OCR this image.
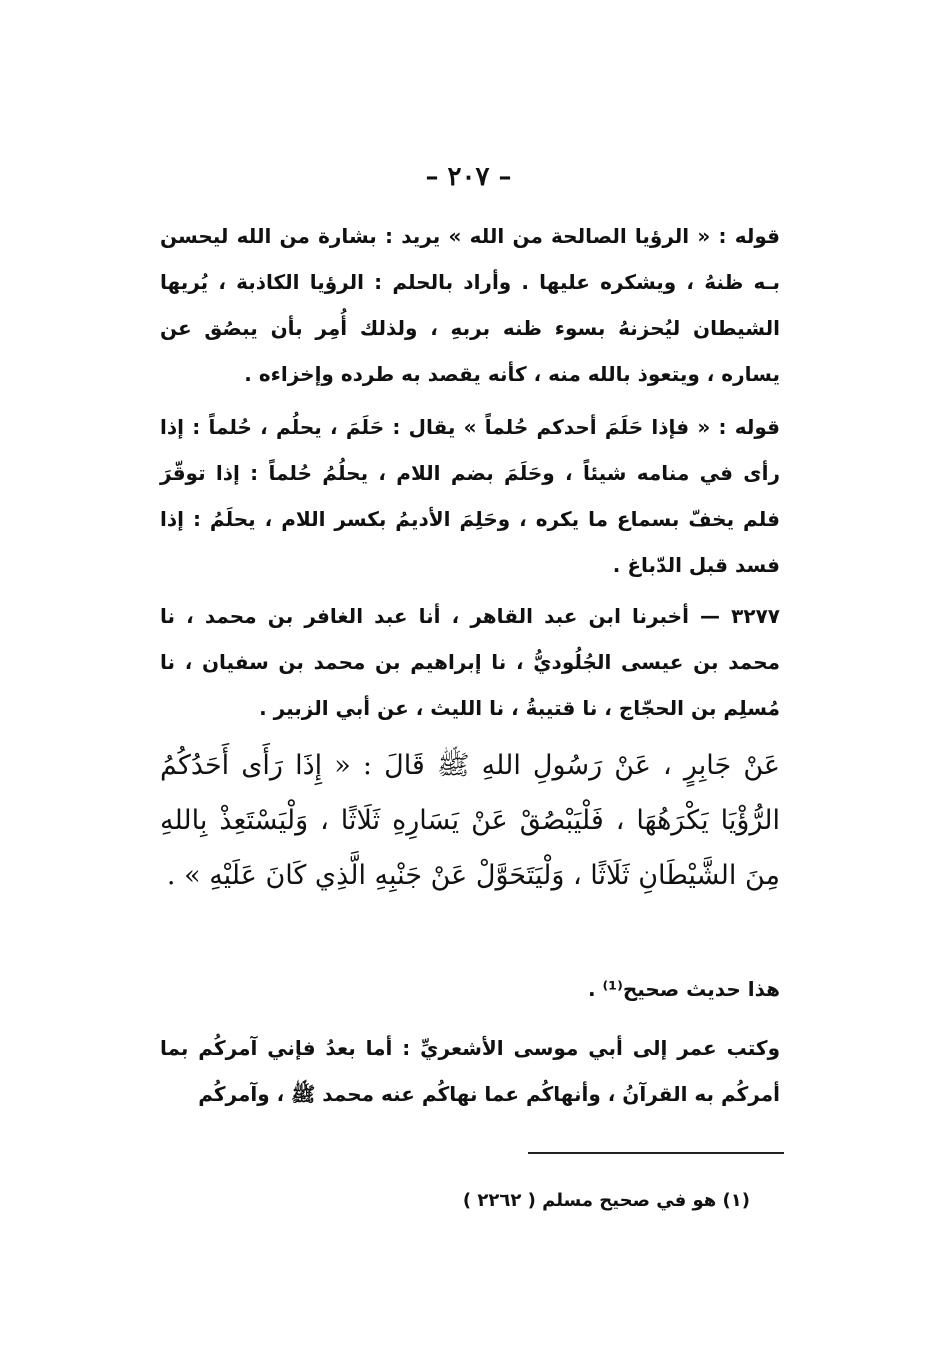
– ٢٠٧ –
قوله : « الرؤيا الصالحة من الله » يريد : بشارة من الله ليحسن بـه ظنهُ ، ويشكره عليها . وأراد بالحلم : الرؤيا الكاذبة ، يُريها الشيطان ليُحزنهُ بسوء ظنه بربهِ ، ولذلك أُمِر بأن يبصُق عن يساره ، ويتعوذ بالله منه ، كأنه يقصد به طرده وإخزاءه .
قوله : « فإذا حَلَمَ أحدكم حُلماً » يقال : حَلَمَ ، يحلُم ، حُلماً : إذا رأى في منامه شيئاً ، وحَلَمَ بضم اللام ، يحلُمُ حُلماً : إذا توقّرَ فلم يخفّ بسماع ما يكره ، وحَلِمَ الأديمُ بكسر اللام ، يحلَمُ : إذا فسد قبل الدّباغ .
٣٢٧٧ — أخبرنا ابن عبد القاهر ، أنا عبد الغافر بن محمد ، نا محمد بن عيسى الجُلُوديُّ ، نا إبراهيم بن محمد بن سفيان ، نا مُسلِم بن الحجّاج ، نا قتيبةُ ، نا الليث ، عن أبي الزبير .
عَنْ جَابِرٍ ، عَنْ رَسُولِ اللهِ ﷺ قَالَ : « إِذَا رَأَى أَحَدُكُمُ الرُّؤْيَا يَكْرَهُهَا ، فَلْيَبْصُقْ عَنْ يَسَارِهِ ثَلَاثًا ، وَلْيَسْتَعِذْ بِاللهِ مِنَ الشَّيْطَانِ ثَلَاثًا ، وَلْيَتَحَوَّلْ عَنْ جَنْبِهِ الَّذِي كَانَ عَلَيْهِ » .
هذا حديث صحيح⁽¹⁾ .
وكتب عمر إلى أبي موسى الأشعريِّ : أما بعدُ فإني آمركُم بما أمركُم به القرآنُ ، وأنهاكُم عما نهاكُم عنه محمد ﷺ ، وآمركُم
(١) هو في صحيح مسلم ( ٢٢٦٢ )
